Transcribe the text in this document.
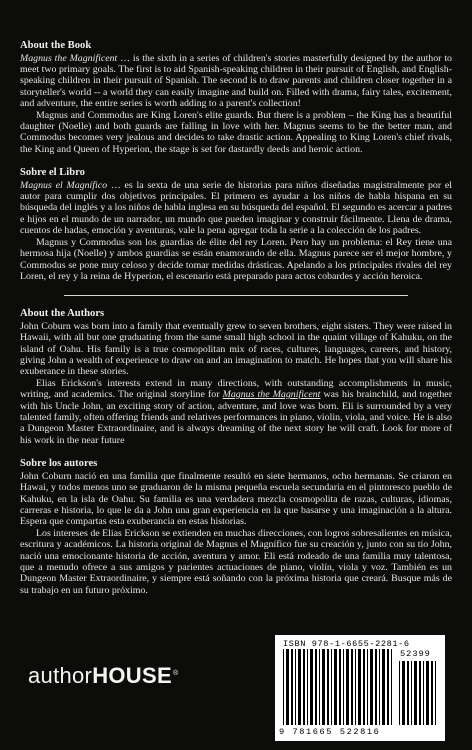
About the Book

Magnus the Magnificent … is the sixth in a series of children's stories masterfully designed by the author to meet two primary goals. The first is to aid Spanish-speaking children in their pursuit of English, and English-speaking children in their pursuit of Spanish. The second is to draw parents and children closer together in a storyteller's world -- a world they can easily imagine and build on. Filled with drama, fairy tales, excitement, and adventure, the entire series is worth adding to a parent's collection!

Magnus and Commodus are King Loren's elite guards. But there is a problem – the King has a beautiful daughter (Noelle) and both guards are falling in love with her. Magnus seems to be the better man, and Commodus becomes very jealous and decides to take drastic action. Appealing to King Loren's chief rivals, the King and Queen of Hyperion, the stage is set for dastardly deeds and heroic action.

Sobre el Libro

Magnus el Magnífico … es la sexta de una serie de historias para niños diseñadas magistralmente por el autor para cumplir dos objetivos principales. El primero es ayudar a los niños de habla hispana en su búsqueda del inglés y a los niños de habla inglesa en su búsqueda del español. El segundo es acercar a padres e hijos en el mundo de un narrador, un mundo que pueden imaginar y construir fácilmente. Llena de drama, cuentos de hadas, emoción y aventuras, vale la pena agregar toda la serie a la colección de los padres.

Magnus y Commodus son los guardias de élite del rey Loren. Pero hay un problema: el Rey tiene una hermosa hija (Noelle) y ambos guardias se están enamorando de ella. Magnus parece ser el mejor hombre, y Commodus se pone muy celoso y decide tomar medidas drásticas. Apelando a los principales rivales del rey Loren, el rey y la reina de Hyperion, el escenario está preparado para actos cobardes y acción heroica.

About the Authors

John Coburn was born into a family that eventually grew to seven brothers, eight sisters. They were raised in Hawaii, with all but one graduating from the same small high school in the quaint village of Kahuku, on the island of Oahu. His family is a true cosmopolitan mix of races, cultures, languages, careers, and history, giving John a wealth of experience to draw on and an imagination to match. He hopes that you will share his exuberance in these stories.

Elias Erickson's interests extend in many directions, with outstanding accomplishments in music, writing, and academics. The original storyline for Magnus the Magnificent was his brainchild, and together with his Uncle John, an exciting story of action, adventure, and love was born. Eli is surrounded by a very talented family, often offering friends and relatives performances in piano, violin, viola, and voice. He is also a Dungeon Master Extraordinaire, and is always dreaming of the next story he will craft. Look for more of his work in the near future

Sobre los autores

John Coburn nació en una familia que finalmente resultó en siete hermanos, ocho hermanas. Se criaron en Hawai, y todos menos uno se graduaron de la misma pequeña escuela secundaria en el pintoresco pueblo de Kahuku, en la isla de Oahu. Su familia es una verdadera mezcla cosmopolita de razas, culturas, idiomas, carreras e historia, lo que le da a John una gran experiencia en la que basarse y una imaginación a la altura. Espera que compartas esta exuberancia en estas historias.

Los intereses de Elias Erickson se extienden en muchas direcciones, con logros sobresalientes en música, escritura y académicos. La historia original de Magnus el Magnífico fue su creación y, junto con su tío John, nació una emocionante historia de acción, aventura y amor. Eli está rodeado de una familia muy talentosa, que a menudo ofrece a sus amigos y parientes actuaciones de piano, violín, viola y voz. También es un Dungeon Master Extraordinaire, y siempre está soñando con la próxima historia que creará. Busque más de su trabajo en un futuro próximo.

authorHOUSE®
ISBN 978-1-6655-2281-6
52399
9 781665 522816
